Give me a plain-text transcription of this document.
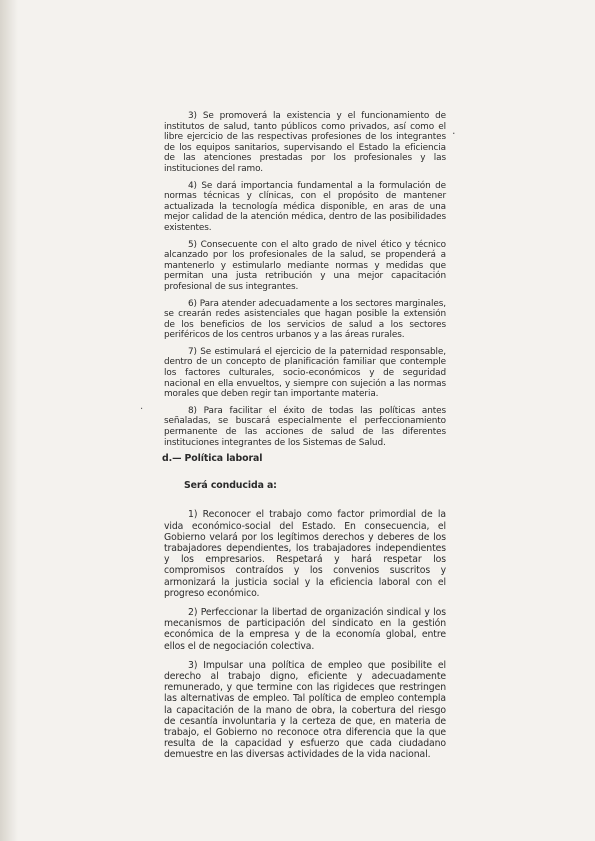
·
·

3) Se promoverá la existencia y el funcionamiento de institutos de salud, tanto públicos como privados, así como el libre ejercicio de las respectivas profesiones de los integrantes de los equipos sanitarios, supervisando el Estado la eficiencia de las atenciones prestadas por los profesionales y las instituciones del ramo.

4) Se dará importancia fundamental a la formulación de normas técnicas y clínicas, con el propósito de mantener actualizada la tecnología médica disponible, en aras de una mejor calidad de la atención médica, dentro de las posibilidades existentes.

5) Consecuente con el alto grado de nivel ético y técnico alcanzado por los profesionales de la salud, se propenderá a mantenerlo y estimularlo mediante normas y medidas que permitan una justa retribución y una mejor capacitación profesional de sus integrantes.

6) Para atender adecuadamente a los sectores marginales, se crearán redes asistenciales que hagan posible la extensión de los beneficios de los servicios de salud a los sectores periféricos de los centros urbanos y a las áreas rurales.

7) Se estimulará el ejercicio de la paternidad responsable, dentro de un concepto de planificación familiar que contemple los factores culturales, socio-económicos y de seguridad nacional en ella envueltos, y siempre con sujeción a las normas morales que deben regir tan importante materia.

8) Para facilitar el éxito de todas las políticas antes señaladas, se buscará especialmente el perfeccionamiento permanente de las acciones de salud de las diferentes instituciones integrantes de los Sistemas de Salud.

d.— Política laboral
Será conducida a:

1) Reconocer el trabajo como factor primordial de la vida económico-social del Estado. En consecuencia, el Gobierno velará por los legítimos derechos y deberes de los trabajadores dependientes, los trabajadores independientes y los empresarios. Respetará y hará respetar los compromisos contraídos y los convenios suscritos y armonizará la justicia social y la eficiencia laboral con el progreso económico.

2) Perfeccionar la libertad de organización sindical y los mecanismos de participación del sindicato en la gestión económica de la empresa y de la economía global, entre ellos el de negociación colectiva.

3) Impulsar una política de empleo que posibilite el derecho al trabajo digno, eficiente y adecuadamente remunerado, y que termine con las rigideces que restringen las alternativas de empleo. Tal política de empleo contempla la capacitación de la mano de obra, la cobertura del riesgo de cesantía involuntaria y la certeza de que, en materia de trabajo, el Gobierno no reconoce otra diferencia que la que resulta de la capacidad y esfuerzo que cada ciudadano demuestre en las diversas actividades de la vida nacional.
